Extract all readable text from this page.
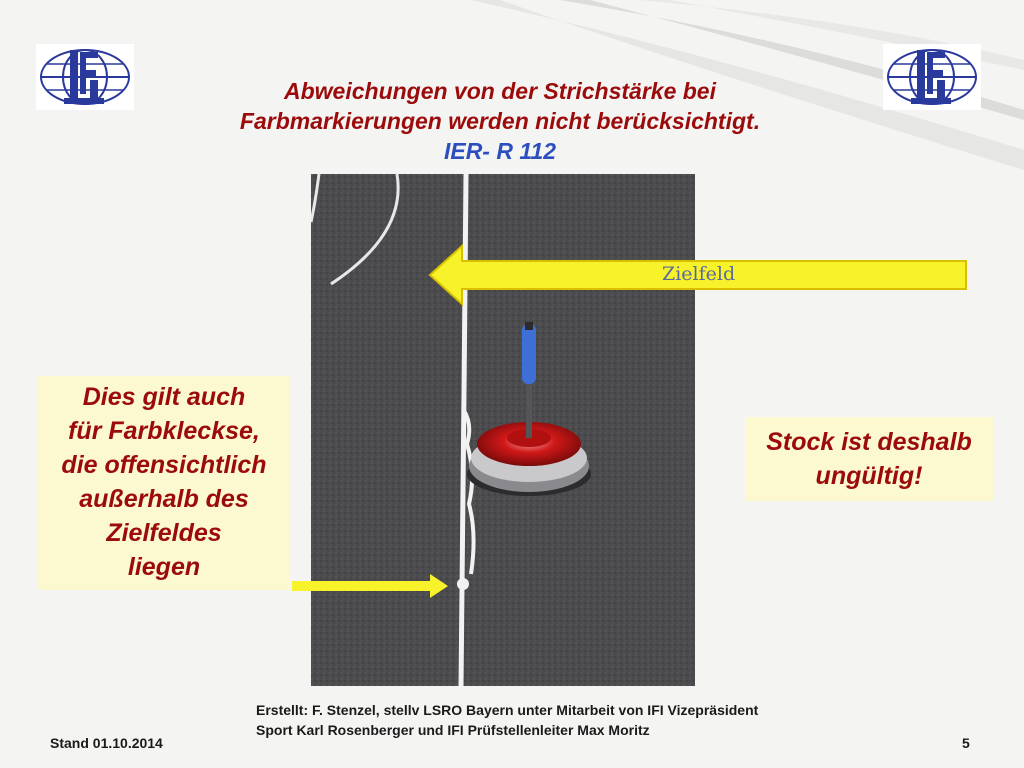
Abweichungen von der Strichstärke bei
Farbmarkierungen werden nicht berücksichtigt.
IER- R 112
Zielfeld
Dies gilt auch
für Farbkleckse,
die offensichtlich
außerhalb des
Zielfeldes
liegen
Stock ist deshalb
ungültig!
Erstellt: F. Stenzel, stellv LSRO Bayern unter Mitarbeit von IFI Vizepräsident
Sport Karl Rosenberger und IFI Prüfstellenleiter Max Moritz
Stand 01.10.2014	5
